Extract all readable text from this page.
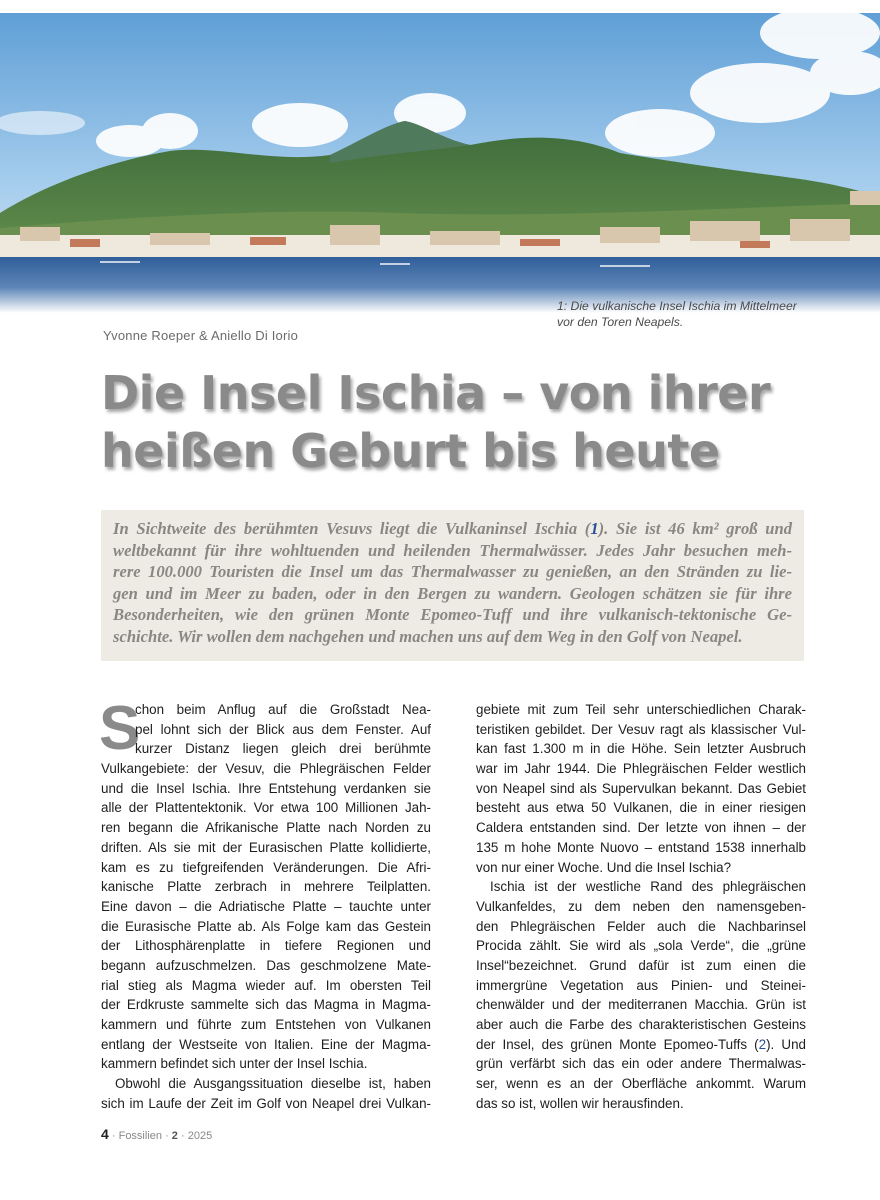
1: Die vulkanische Insel Ischia im Mittelmeer
vor den Toren Neapels.
Yvonne Roeper & Aniello Di Iorio
Die Insel Ischia – von ihrer
heißen Geburt bis heute
In Sichtweite des berühmten Vesuvs liegt die Vulkaninsel Ischia (1). Sie ist 46 km² groß und
weltbekannt für ihre wohltuenden und heilenden Thermalwässer. Jedes Jahr besuchen meh-
rere 100.000 Touristen die Insel um das Thermalwasser zu genießen, an den Stränden zu lie-
gen und im Meer zu baden, oder in den Bergen zu wandern. Geologen schätzen sie für ihre
Besonderheiten, wie den grünen Monte Epomeo-Tuff und ihre vulkanisch-tektonische Ge-
schichte. Wir wollen dem nachgehen und machen uns auf dem Weg in den Golf von Neapel.
S
chon beim Anflug auf die Großstadt Nea-
pel lohnt sich der Blick aus dem Fenster. Auf
kurzer Distanz liegen gleich drei berühmte
Vulkangebiete: der Vesuv, die Phlegräischen Felder
und die Insel Ischia. Ihre Entstehung verdanken sie
alle der Plattentektonik. Vor etwa 100 Millionen Jah-
ren begann die Afrikanische Platte nach Norden zu
driften. Als sie mit der Eurasischen Platte kollidierte,
kam es zu tiefgreifenden Veränderungen. Die Afri-
kanische Platte zerbrach in mehrere Teilplatten.
Eine davon – die Adriatische Platte – tauchte unter
die Eurasische Platte ab. Als Folge kam das Gestein
der Lithosphärenplatte in tiefere Regionen und
begann aufzuschmelzen. Das geschmolzene Mate-
rial stieg als Magma wieder auf. Im obersten Teil
der Erdkruste sammelte sich das Magma in Magma-
kammern und führte zum Entstehen von Vulkanen
entlang der Westseite von Italien. Eine der Magma-
kammern befindet sich unter der Insel Ischia.
Obwohl die Ausgangssituation dieselbe ist, haben
sich im Laufe der Zeit im Golf von Neapel drei Vulkan-
gebiete mit zum Teil sehr unterschiedlichen Charak-
teristiken gebildet. Der Vesuv ragt als klassischer Vul-
kan fast 1.300 m in die Höhe. Sein letzter Ausbruch
war im Jahr 1944. Die Phlegräischen Felder westlich
von Neapel sind als Supervulkan bekannt. Das Gebiet
besteht aus etwa 50 Vulkanen, die in einer riesigen
Caldera entstanden sind. Der letzte von ihnen – der
135 m hohe Monte Nuovo – entstand 1538 innerhalb
von nur einer Woche. Und die Insel Ischia?
Ischia ist der westliche Rand des phlegräischen
Vulkanfeldes, zu dem neben den namensgeben-
den Phlegräischen Felder auch die Nachbarinsel
Procida zählt. Sie wird als „sola Verde“, die „grüne
Insel“bezeichnet. Grund dafür ist zum einen die
immergrüne Vegetation aus Pinien- und Steinei-
chenwälder und der mediterranen Macchia. Grün ist
aber auch die Farbe des charakteristischen Gesteins
der Insel, des grünen Monte Epomeo-Tuffs (2). Und
grün verfärbt sich das ein oder andere Thermalwas-
ser, wenn es an der Oberfläche ankommt. Warum
das so ist, wollen wir herausfinden.
4 · Fossilien · 2 · 2025
